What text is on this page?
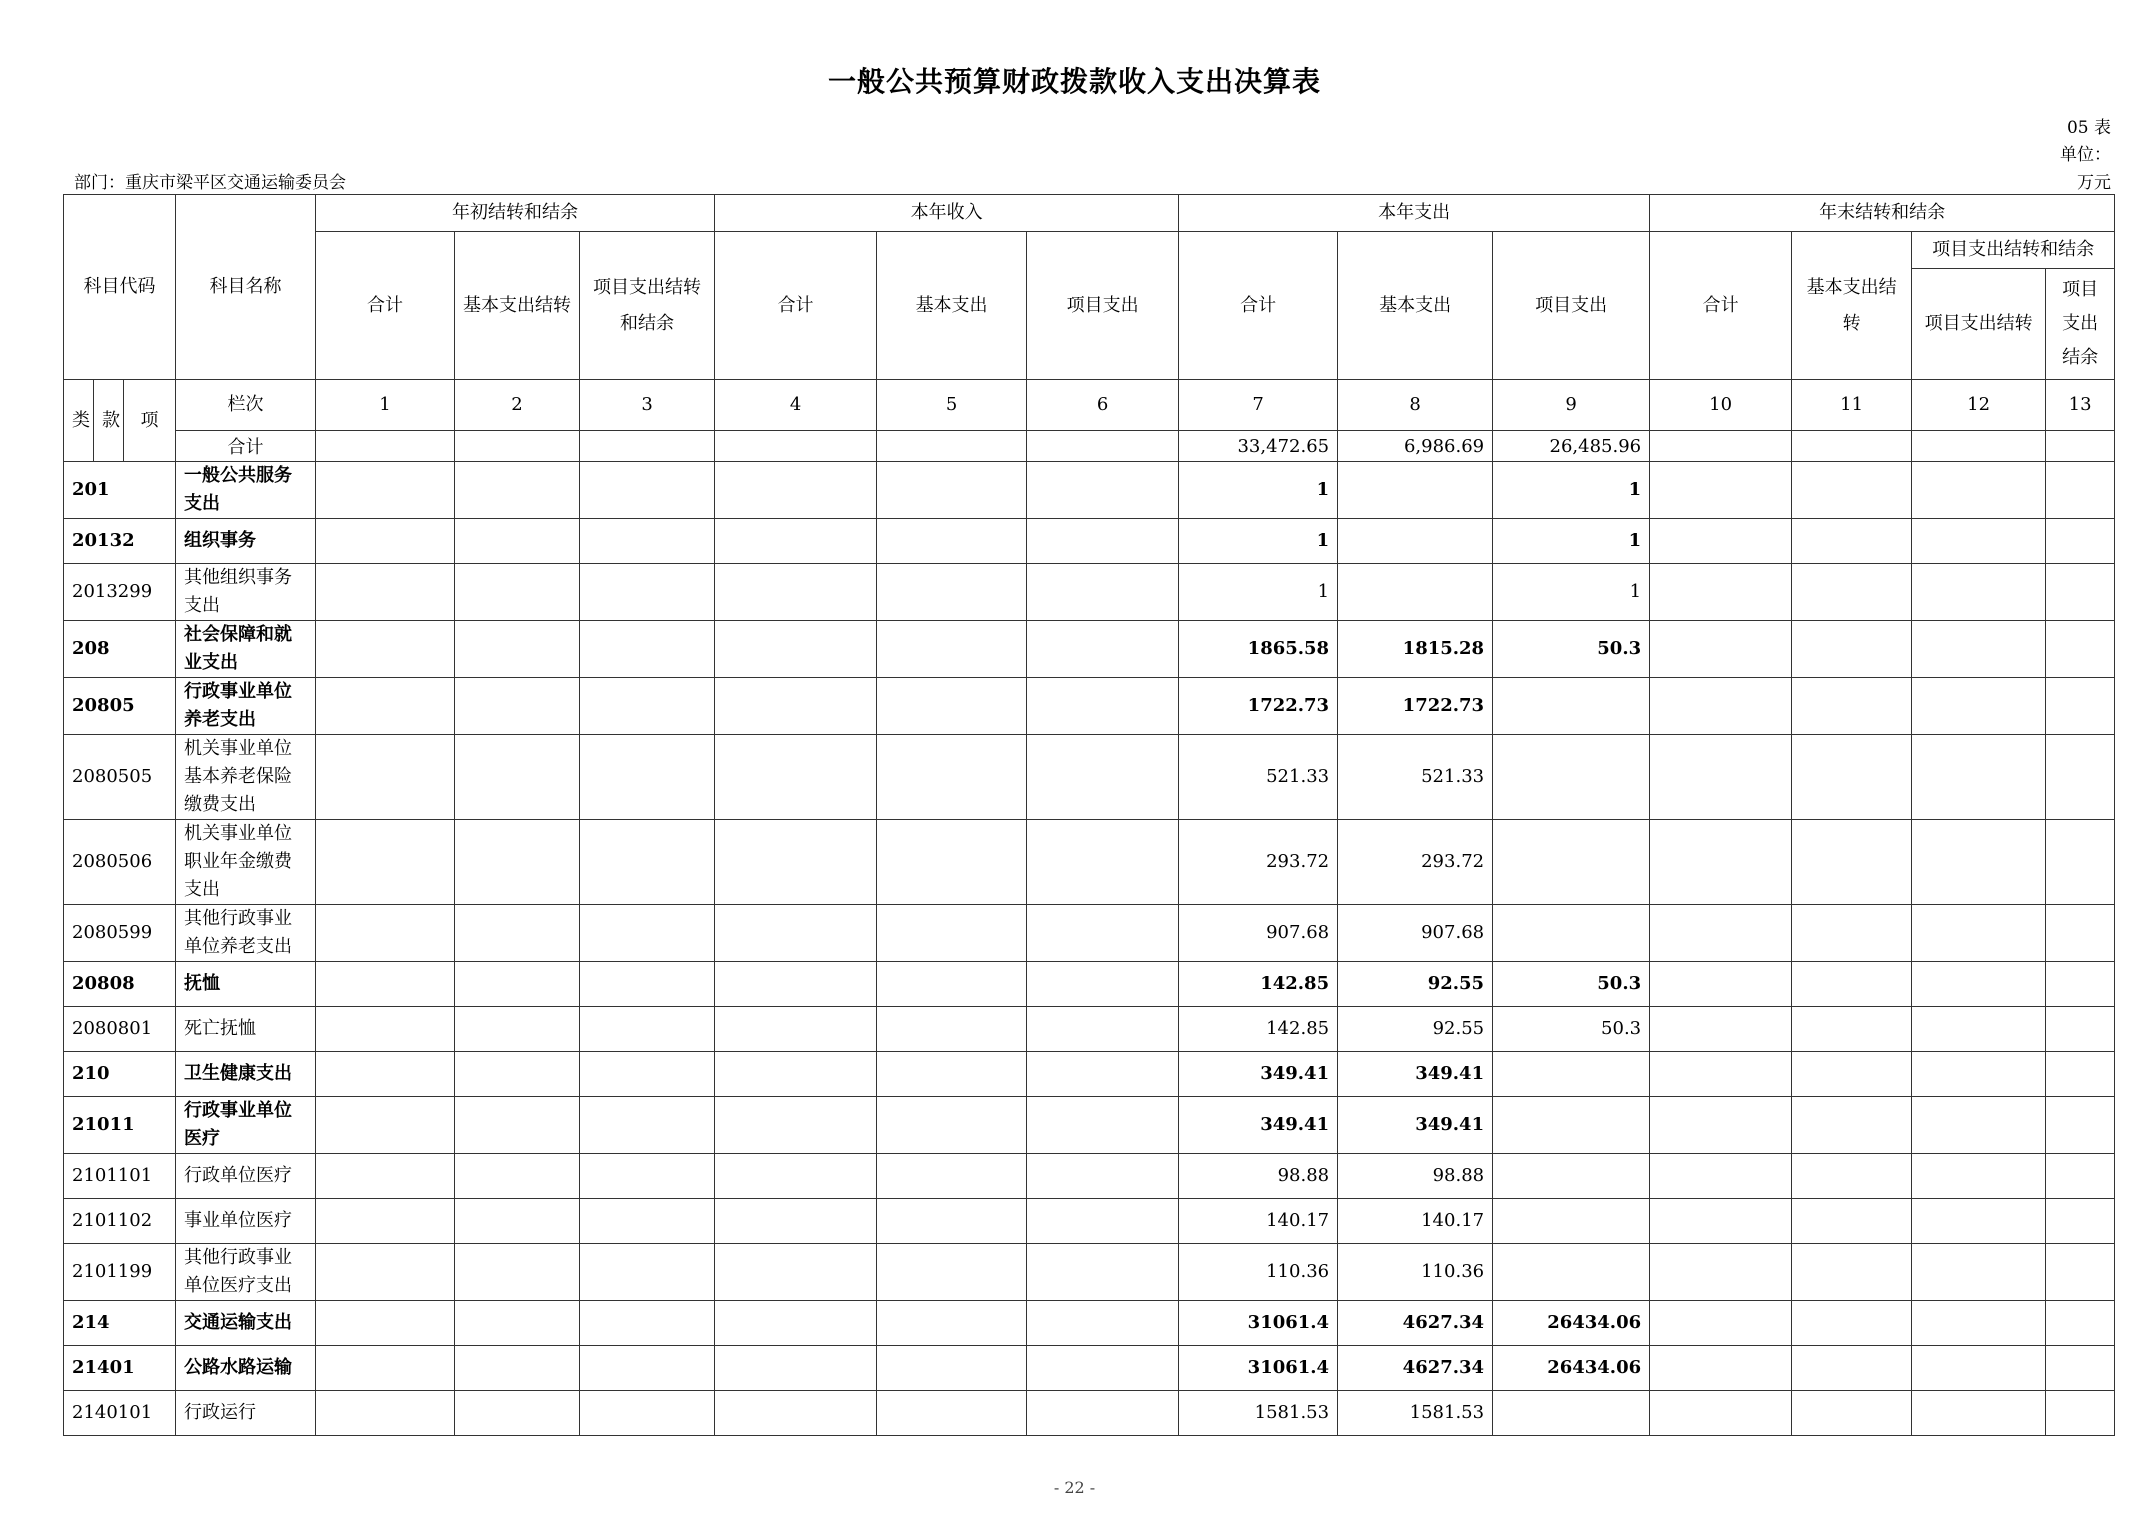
一般公共预算财政拨款收入支出决算表
05 表
单位：
部门：重庆市梁平区交通运输委员会	万元
科目代码			科目名称	年初结转和结余			本年收入			本年支出			年末结转和结余			
				合计	基本支出结转	项目支出结转和结余	合计	基本支出	项目支出	合计	基本支出	项目支出	合计	基本支出结转	项目支出结转和结余	
															项目支出结转	项目支出结余
类	款	项	栏次	1	2	3	4	5	6	7	8	9	10	11	12	13
			合计							33,472.65	6,986.69	26,485.96				
201			一般公共服务支出							1		1				
20132			组织事务							1		1				
2013299			其他组织事务支出							1		1				
208			社会保障和就业支出							1865.58	1815.28	50.3				
20805			行政事业单位养老支出							1722.73	1722.73					
2080505			机关事业单位基本养老保险缴费支出							521.33	521.33					
2080506			机关事业单位职业年金缴费支出							293.72	293.72					
2080599			其他行政事业单位养老支出							907.68	907.68					
20808			抚恤							142.85	92.55	50.3				
2080801			死亡抚恤							142.85	92.55	50.3				
210			卫生健康支出							349.41	349.41					
21011			行政事业单位医疗							349.41	349.41					
2101101			行政单位医疗							98.88	98.88					
2101102			事业单位医疗							140.17	140.17					
2101199			其他行政事业单位医疗支出							110.36	110.36					
214			交通运输支出							31061.4	4627.34	26434.06				
21401			公路水路运输							31061.4	4627.34	26434.06				
2140101			行政运行							1581.53	1581.53					
- 22 -
